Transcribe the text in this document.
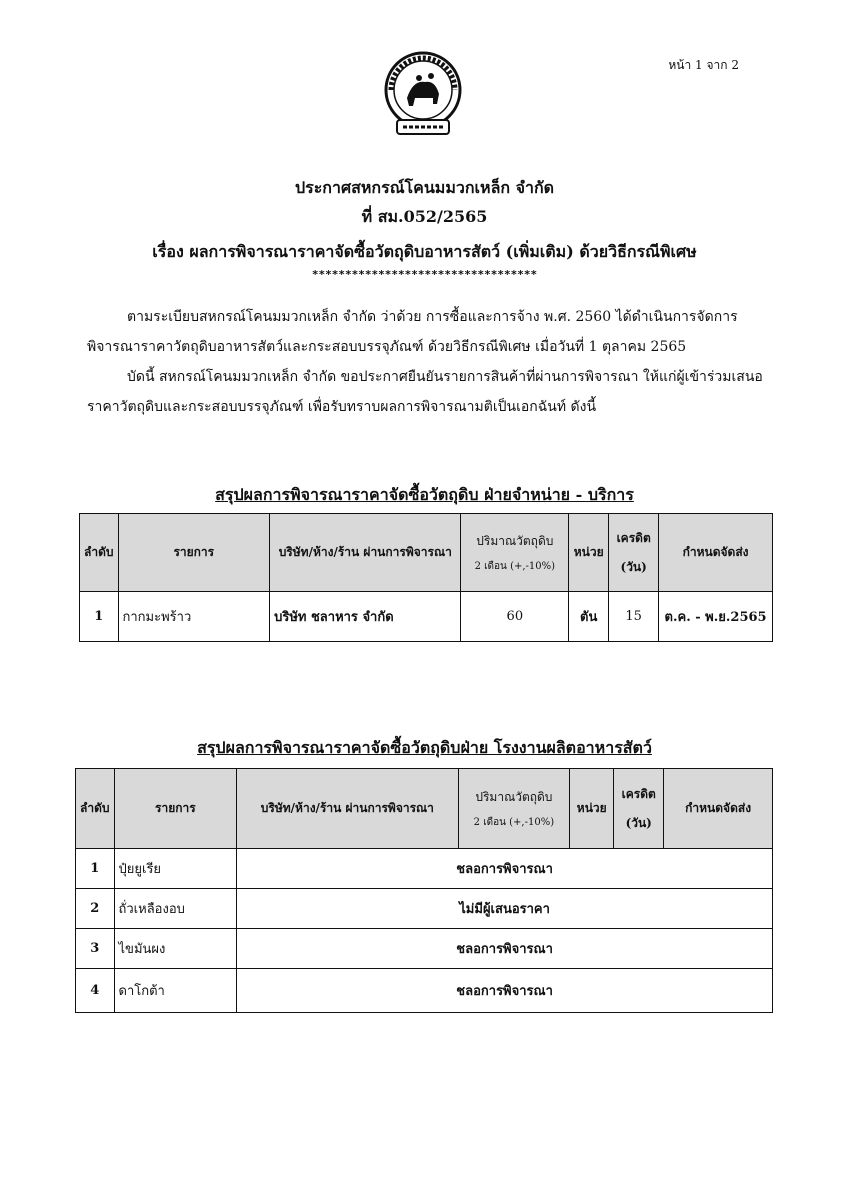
หน้า 1 จาก 2
ประกาศสหกรณ์โคนมมวกเหล็ก จำกัด
ที่ สม.052/2565
เรื่อง ผลการพิจารณาราคาจัดซื้อวัตถุดิบอาหารสัตว์ (เพิ่มเติม) ด้วยวิธีกรณีพิเศษ
**********************************
ตามระเบียบสหกรณ์โคนมมวกเหล็ก จำกัด ว่าด้วย การซื้อและการจ้าง พ.ศ. 2560 ได้ดำเนินการจัดการพิจารณาราคาวัตถุดิบอาหารสัตว์และกระสอบบรรจุภัณฑ์ ด้วยวิธีกรณีพิเศษ เมื่อวันที่ 1 ตุลาคม 2565
บัดนี้ สหกรณ์โคนมมวกเหล็ก จำกัด ขอประกาศยืนยันรายการสินค้าที่ผ่านการพิจารณา ให้แก่ผู้เข้าร่วมเสนอราคาวัตถุดิบและกระสอบบรรจุภัณฑ์ เพื่อรับทราบผลการพิจารณามติเป็นเอกฉันท์ ดังนี้
สรุปผลการพิจารณาราคาจัดซื้อวัตถุดิบ ฝ่ายจำหน่าย - บริการ
ลำดับ	รายการ	บริษัท/ห้าง/ร้าน ผ่านการพิจารณา	ปริมาณวัตถุดิบ
2 เดือน (+,-10%)	หน่วย	เครดิต
(วัน)	กำหนดจัดส่ง
1	กากมะพร้าว	บริษัท ชลาหาร จำกัด	60	ตัน	15	ต.ค. - พ.ย.2565
สรุปผลการพิจารณาราคาจัดซื้อวัตถุดิบฝ่าย โรงงานผลิตอาหารสัตว์
ลำดับ	รายการ	บริษัท/ห้าง/ร้าน ผ่านการพิจารณา	ปริมาณวัตถุดิบ
2 เดือน (+,-10%)	หน่วย	เครดิต
(วัน)	กำหนดจัดส่ง
1	ปุ๋ยยูเรีย	ชลอการพิจารณา				
2	ถั่วเหลืองอบ	ไม่มีผู้เสนอราคา				
3	ไขมันผง	ชลอการพิจารณา				
4	ดาโกต้า	ชลอการพิจารณา				
